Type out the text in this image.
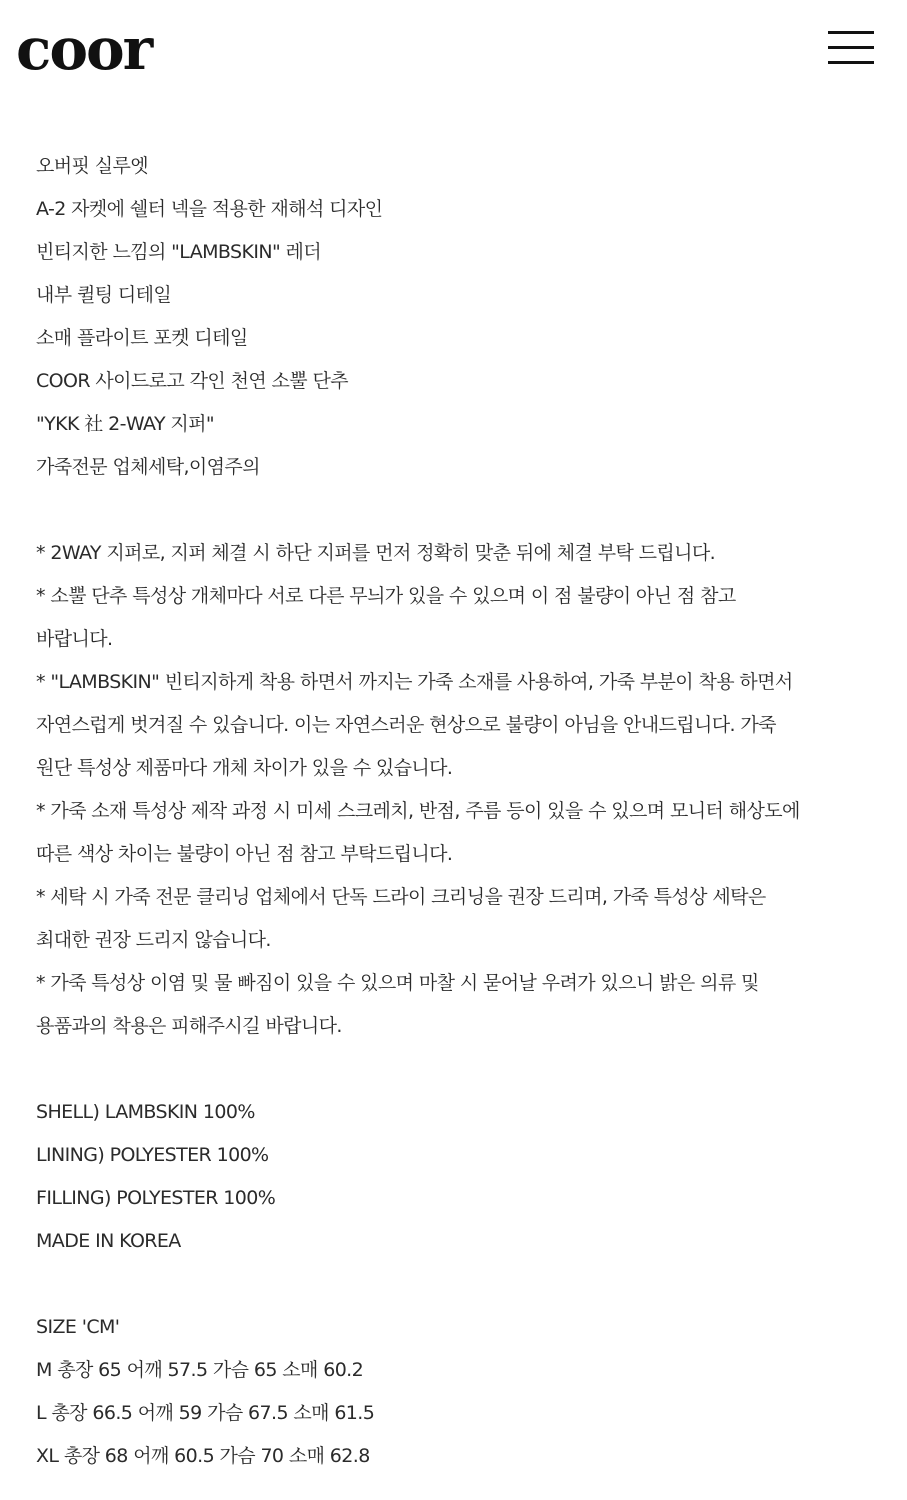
coor
오버핏 실루엣
A-2 자켓에 쉘터 넥을 적용한 재해석 디자인
빈티지한 느낌의 "LAMBSKIN" 레더
내부 퀼팅 디테일
소매 플라이트 포켓 디테일
COOR 사이드로고 각인 천연 소뿔 단추
"YKK 社 2-WAY 지퍼"
가죽전문 업체세탁,이염주의
* 2WAY 지퍼로, 지퍼 체결 시 하단 지퍼를 먼저 정확히 맞춘 뒤에 체결 부탁 드립니다.
* 소뿔 단추 특성상 개체마다 서로 다른 무늬가 있을 수 있으며 이 점 불량이 아닌 점 참고
바랍니다.
* "LAMBSKIN" 빈티지하게 착용 하면서 까지는 가죽 소재를 사용하여, 가죽 부분이 착용 하면서
자연스럽게 벗겨질 수 있습니다. 이는 자연스러운 현상으로 불량이 아님을 안내드립니다. 가죽
원단 특성상 제품마다 개체 차이가 있을 수 있습니다.
* 가죽 소재 특성상 제작 과정 시 미세 스크레치, 반점, 주름 등이 있을 수 있으며 모니터 해상도에
따른 색상 차이는 불량이 아닌 점 참고 부탁드립니다.
* 세탁 시 가죽 전문 클리닝 업체에서 단독 드라이 크리닝을 권장 드리며, 가죽 특성상 세탁은
최대한 권장 드리지 않습니다.
* 가죽 특성상 이염 및 물 빠짐이 있을 수 있으며 마찰 시 묻어날 우려가 있으니 밝은 의류 및
용품과의 착용은 피해주시길 바랍니다.
SHELL) LAMBSKIN 100%
LINING) POLYESTER 100%
FILLING) POLYESTER 100%
MADE IN KOREA
SIZE 'CM'
M 총장 65 어깨 57.5 가슴 65 소매 60.2
L 총장 66.5 어깨 59 가슴 67.5 소매 61.5
XL 총장 68 어깨 60.5 가슴 70 소매 62.8
